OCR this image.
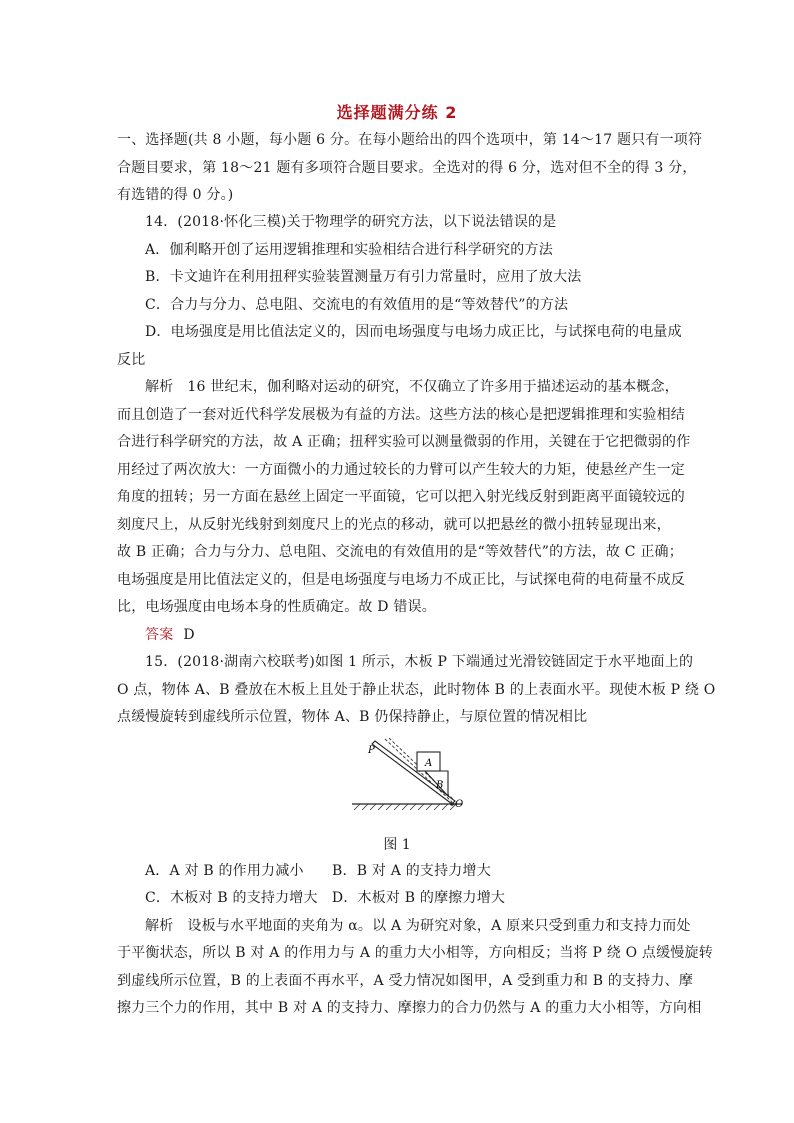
选择题满分练 2
一、选择题(共 8 小题，每小题 6 分。在每小题给出的四个选项中，第 14～17 题只有一项符
合题目要求，第 18～21 题有多项符合题目要求。全选对的得 6 分，选对但不全的得 3 分，
有选错的得 0 分。)
14．(2018·怀化三模)关于物理学的研究方法，以下说法错误的是
A．伽利略开创了运用逻辑推理和实验相结合进行科学研究的方法
B．卡文迪许在利用扭秤实验装置测量万有引力常量时，应用了放大法
C．合力与分力、总电阻、交流电的有效值用的是“等效替代”的方法
D．电场强度是用比值法定义的，因而电场强度与电场力成正比，与试探电荷的电量成
反比
解析 16 世纪末，伽利略对运动的研究，不仅确立了许多用于描述运动的基本概念，
而且创造了一套对近代科学发展极为有益的方法。这些方法的核心是把逻辑推理和实验相结
合进行科学研究的方法，故 A 正确；扭秤实验可以测量微弱的作用，关键在于它把微弱的作
用经过了两次放大：一方面微小的力通过较长的力臂可以产生较大的力矩，使悬丝产生一定
角度的扭转；另一方面在悬丝上固定一平面镜，它可以把入射光线反射到距离平面镜较远的
刻度尺上，从反射光线射到刻度尺上的光点的移动，就可以把悬丝的微小扭转显现出来，
故 B 正确；合力与分力、总电阻、交流电的有效值用的是“等效替代”的方法，故 C 正确；
电场强度是用比值法定义的，但是电场强度与电场力不成正比，与试探电荷的电荷量不成反
比，电场强度由电场本身的性质确定。故 D 错误。
答案 D
15．(2018·湖南六校联考)如图 1 所示，木板 P 下端通过光滑铰链固定于水平地面上的
O 点，物体 A、B 叠放在木板上且处于静止状态，此时物体 B 的上表面水平。现使木板 P 绕 O
点缓慢旋转到虚线所示位置，物体 A、B 仍保持静止，与原位置的情况相比
P
A
B
O
图 1
A．A 对 B 的作用力减小　　B．B 对 A 的支持力增大
C．木板对 B 的支持力增大　D．木板对 B 的摩擦力增大
解析 设板与水平地面的夹角为 α。以 A 为研究对象，A 原来只受到重力和支持力而处
于平衡状态，所以 B 对 A 的作用力与 A 的重力大小相等，方向相反；当将 P 绕 O 点缓慢旋转
到虚线所示位置，B 的上表面不再水平，A 受力情况如图甲，A 受到重力和 B 的支持力、摩
擦力三个力的作用，其中 B 对 A 的支持力、摩擦力的合力仍然与 A 的重力大小相等，方向相
